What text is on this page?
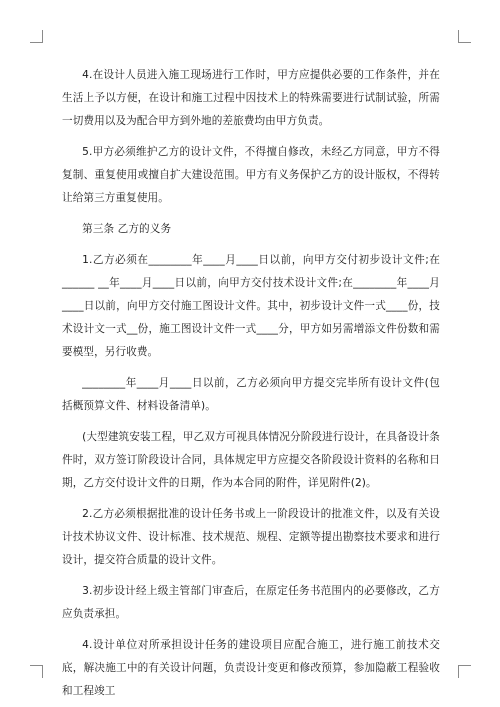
4.在设计人员进入施工现场进行工作时，甲方应提供必要的工作条件，并在生活上予以方便，在设计和施工过程中因技术上的特殊需要进行试制试验，所需一切费用以及为配合甲方到外地的差旅费均由甲方负责。

5.甲方必须维护乙方的设计文件，不得擅自修改，未经乙方同意，甲方不得复制、重复使用或擅自扩大建设范围。甲方有义务保护乙方的设计版权，不得转让给第三方重复使用。

第三条 乙方的义务

1.乙方必须在________年____月____日以前，向甲方交付初步设计文件;在______ __年____月____日以前，向甲方交付技术设计文件;在________年____月____日以前，向甲方交付施工图设计文件。其中，初步设计文件一式____份，技术设计文一式__份，施工图设计文件一式____分，甲方如另需增添文件份数和需要模型，另行收费。

________年____月____日以前，乙方必须向甲方提交完毕所有设计文件(包括概预算文件、材料设备清单)。

(大型建筑安装工程，甲乙双方可视具体情况分阶段进行设计，在具备设计条件时，双方签订阶段设计合同，具体规定甲方应提交各阶段设计资料的名称和日期，乙方交付设计文件的日期，作为本合同的附件，详见附件(2)。

2.乙方必须根据批准的设计任务书或上一阶段设计的批准文件，以及有关设计技术协议文件、设计标准、技术规范、规程、定额等提出勘察技术要求和进行设计，提交符合质量的设计文件。

3.初步设计经上级主管部门审查后，在原定任务书范围内的必要修改，乙方应负责承担。

4.设计单位对所承担设计任务的建设项目应配合施工，进行施工前技术交底，解决施工中的有关设计问题，负责设计变更和修改预算，参加隐蔽工程验收和工程竣工
